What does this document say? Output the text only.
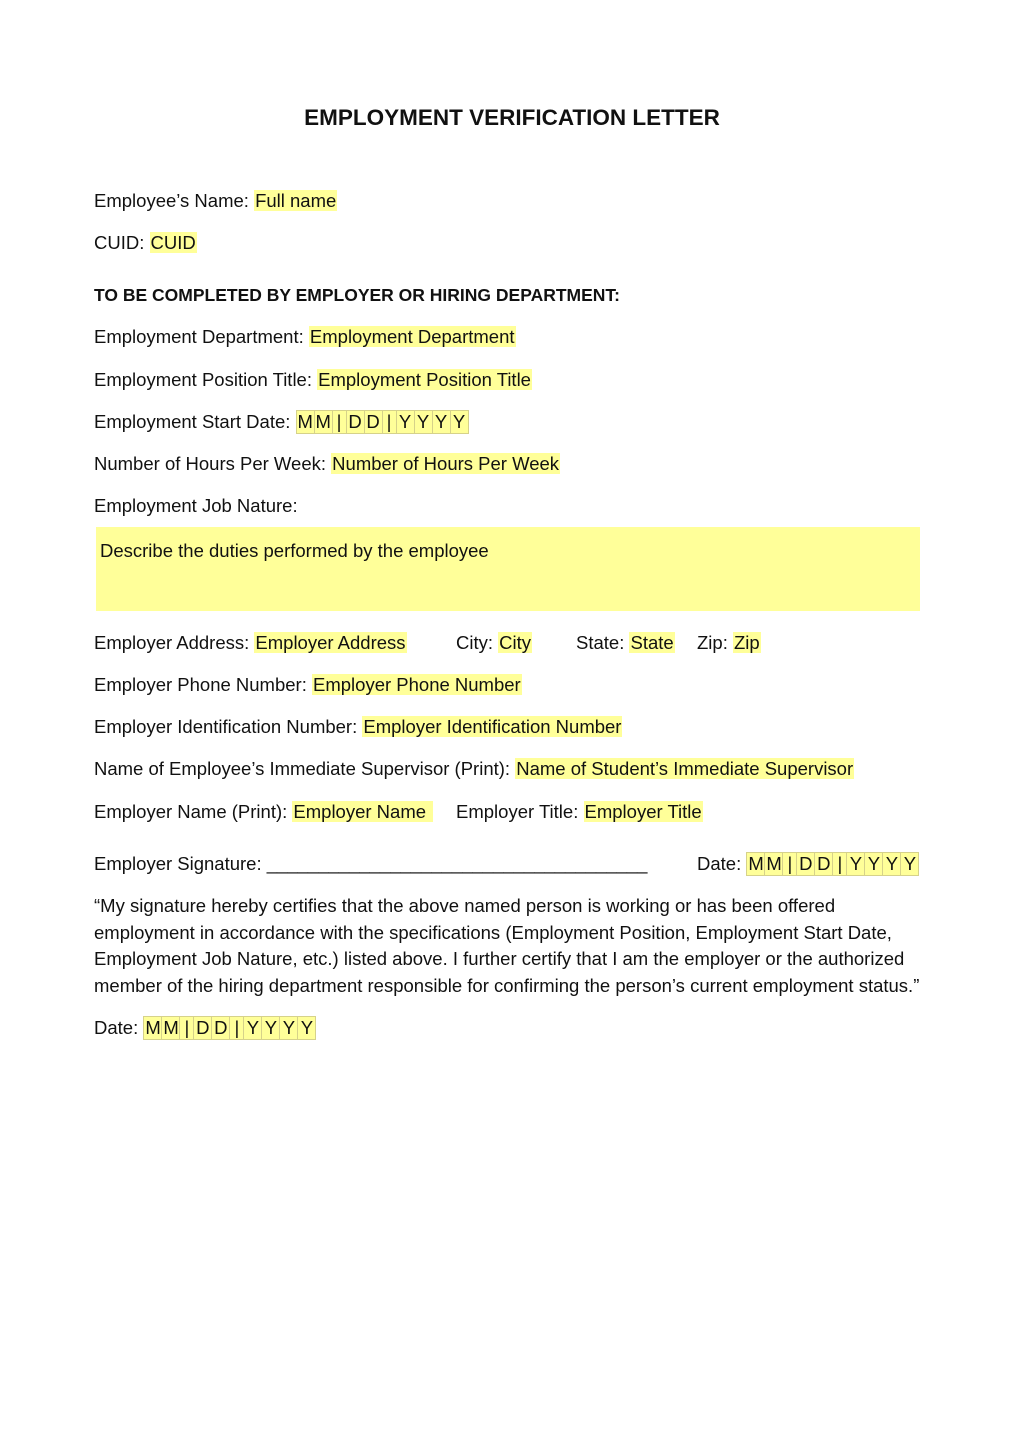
EMPLOYMENT VERIFICATION LETTER
Employee’s Name: Full name
CUID: CUID
TO BE COMPLETED BY EMPLOYER OR HIRING DEPARTMENT:
Employment Department: Employment Department
Employment Position Title: Employment Position Title
Employment Start Date: M M | D D | Y Y Y Y
Number of Hours Per Week: Number of Hours Per Week
Employment Job Nature:
Describe the duties performed by the employee
Employer Address: Employer Address	City: City State: State Zip: Zip
Employer Phone Number: Employer Phone Number
Employer Identification Number: Employer Identification Number
Name of Employee’s Immediate Supervisor (Print): Name of Student’s Immediate Supervisor
Employer Name (Print): Employer Name	Employer Title: Employer Title
Employer Signature: _____________________________________	Date: M M | D D | Y Y Y Y
“My signature hereby certifies that the above named person is working or has been offered employment in accordance with the specifications (Employment Position, Employment Start Date, Employment Job Nature, etc.) listed above. I further certify that I am the employer or the authorized member of the hiring department responsible for confirming the person’s current employment status.”
Date: M M | D D | Y Y Y Y
